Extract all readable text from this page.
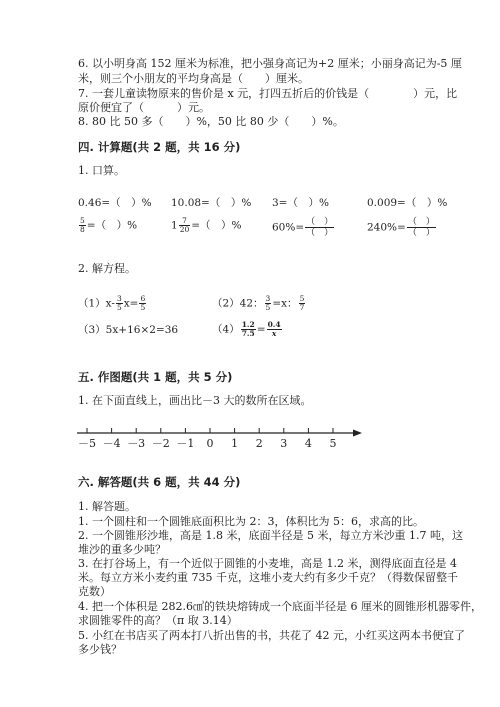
6. 以小明身高 152 厘米为标准，把小强身高记为+2 厘米；小丽身高记为-5 厘
米，则三个小朋友的平均身高是（　　）厘米。
7. 一套儿童读物原来的售价是 x 元，打四五折后的价钱是（　　　　）元，比
原价便宜了（　　　）元。
8. 80 比 50 多（　　）%，50 比 80 少（　　）%。
四. 计算题(共 2 题，共 16 分)
1. 口算。
0.46=（　）% 10.08=（　）% 3=（　）%	0.009=（　）%
$\frac{5}{8}$ =（　）%	$1 \frac{7}{20}$ =（　）%	$60\%= \frac{( )}{( )}$	$240\%= \frac{( )}{( )}$
2. 解方程。
$(1)x- \frac{3}{5} x= \frac{6}{5}$	（2）42： $\frac{3}{5} =x$： $\frac{5}{7}$
（3）5x+16×2=36	$(4) \frac{1.2}{7.5} = \frac{0.4}{x}$
五. 作图题(共 1 题，共 5 分)
1. 在下面直线上，画出比－3 大的数所在区域。
－5 －4 －3 －2 －1	0	1	2	3	4	5
六. 解答题(共 6 题，共 44 分)
1. 解答题。
1. 一个圆柱和一个圆锥底面积比为 2：3，体积比为 5：6，求高的比。
2. 一个圆锥形沙堆，高是 1.8 米，底面半径是 5 米，每立方米沙重 1.7 吨，这
堆沙的重多少吨？
3. 在打谷场上，有一个近似于圆锥的小麦堆，高是 1.2 米，测得底面直径是 4
米。每立方米小麦约重 735 千克，这堆小麦大约有多少千克？（得数保留整千
克数）
4. 把一个体积是 282.6㎤的铁块熔铸成一个底面半径是 6 厘米的圆锥形机器零件，
求圆锥零件的高？（π 取 3.14）
5. 小红在书店买了两本打八折出售的书，共花了 42 元，小红买这两本书便宜了
多少钱？
